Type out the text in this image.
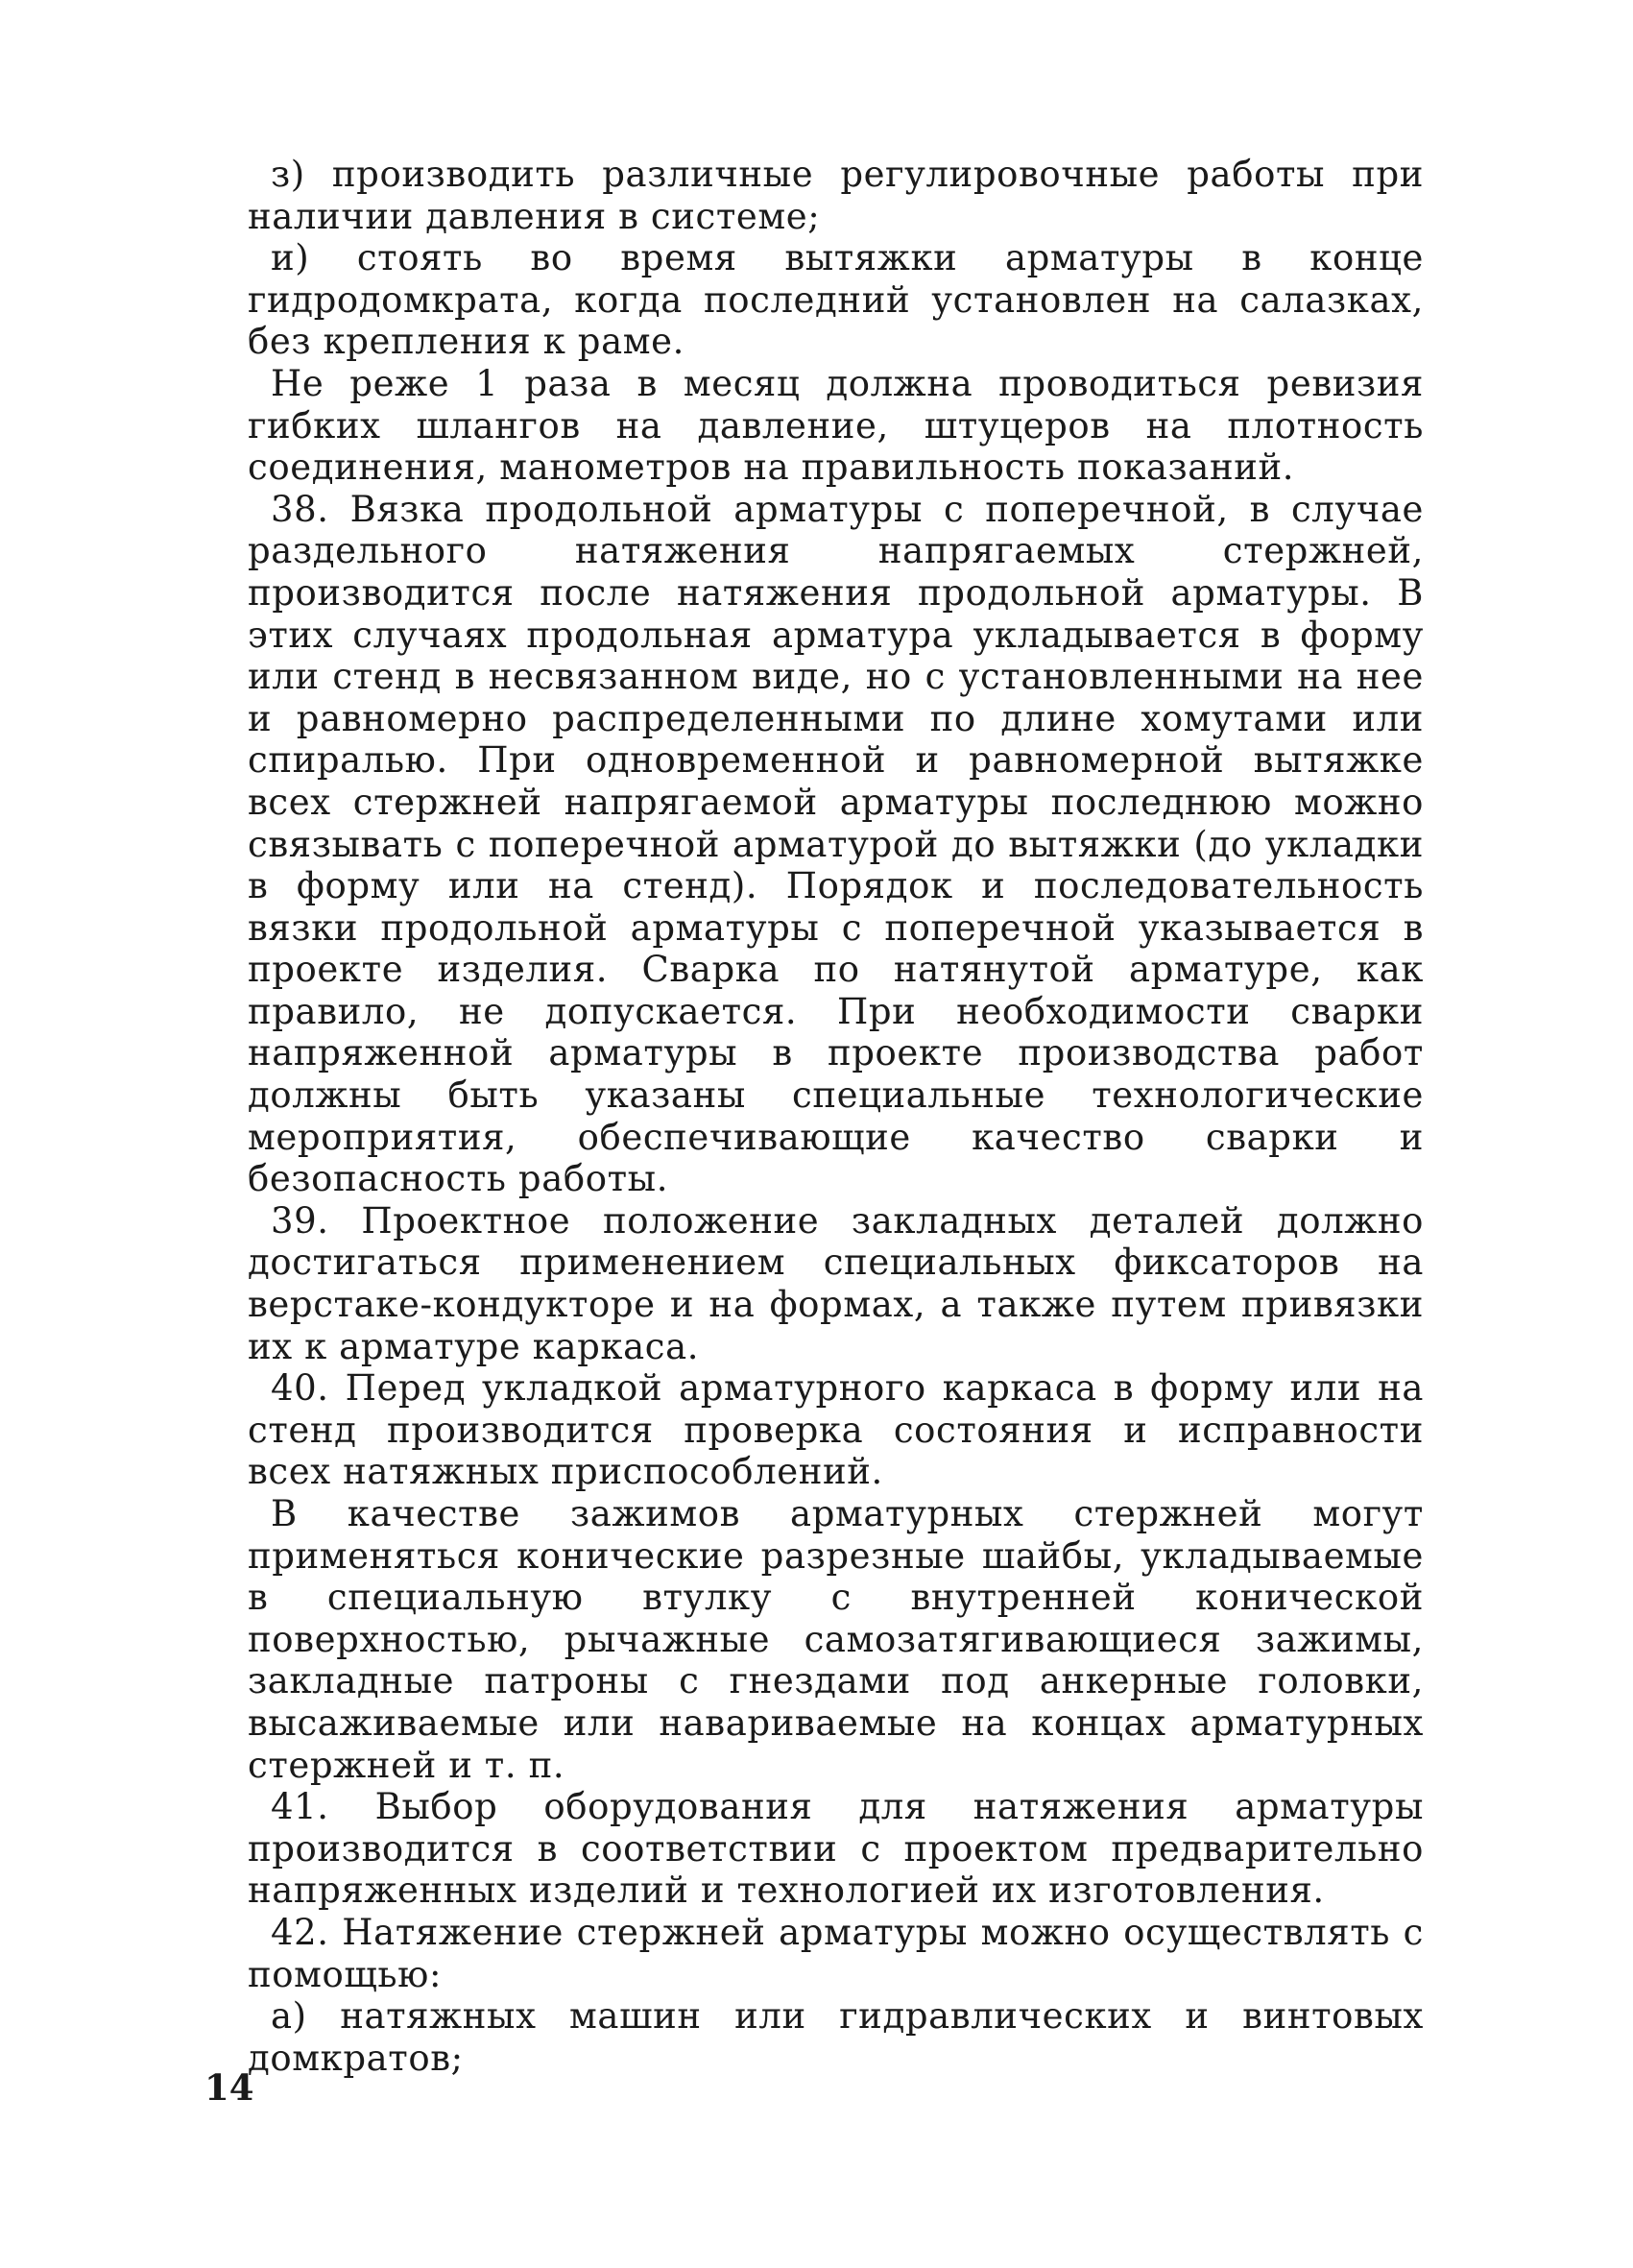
з) производить различные регулировочные работы при наличии давления в системе;

и) стоять во время вытяжки арматуры в конце гидродомкрата, когда последний установлен на салазках, без крепления к раме.

Не реже 1 раза в месяц должна проводиться ревизия гибких шлангов на давление, штуцеров на плотность соединения, манометров на правильность показаний.

38. Вязка продольной арматуры с поперечной, в случае раздельного натяжения напрягаемых стержней, производится после натяжения продольной арматуры. В этих случаях продольная арматура укладывается в форму или стенд в несвязанном виде, но с установленными на нее и равномерно распределенными по длине хомутами или спиралью. При одновременной и равномерной вытяжке всех стержней напрягаемой арматуры последнюю можно связывать с поперечной арматурой до вытяжки (до укладки в форму или на стенд). Порядок и последовательность вязки продольной арматуры с поперечной указывается в проекте изделия. Сварка по натянутой арматуре, как правило, не допускается. При необходимости сварки напряженной арматуры в проекте производства работ должны быть указаны специальные технологические мероприятия, обеспечивающие качество сварки и безопасность работы.

39. Проектное положение закладных деталей должно достигаться применением специальных фиксаторов на верстаке-кондукторе и на формах, а также путем привязки их к арматуре каркаса.

40. Перед укладкой арматурного каркаса в форму или на стенд производится проверка состояния и исправности всех натяжных приспособлений.

В качестве зажимов арматурных стержней могут применяться конические разрезные шайбы, укладываемые в специальную втулку с внутренней конической поверхностью, рычажные самозатягивающиеся зажимы, закладные патроны с гнездами под анкерные головки, высаживаемые или навариваемые на концах арматурных стержней и т. п.

41. Выбор оборудования для натяжения арматуры производится в соответствии с проектом предварительно напряженных изделий и технологией их изготовления.

42. Натяжение стержней арматуры можно осуществлять с помощью:

а) натяжных машин или гидравлических и винтовых домкратов;

14
